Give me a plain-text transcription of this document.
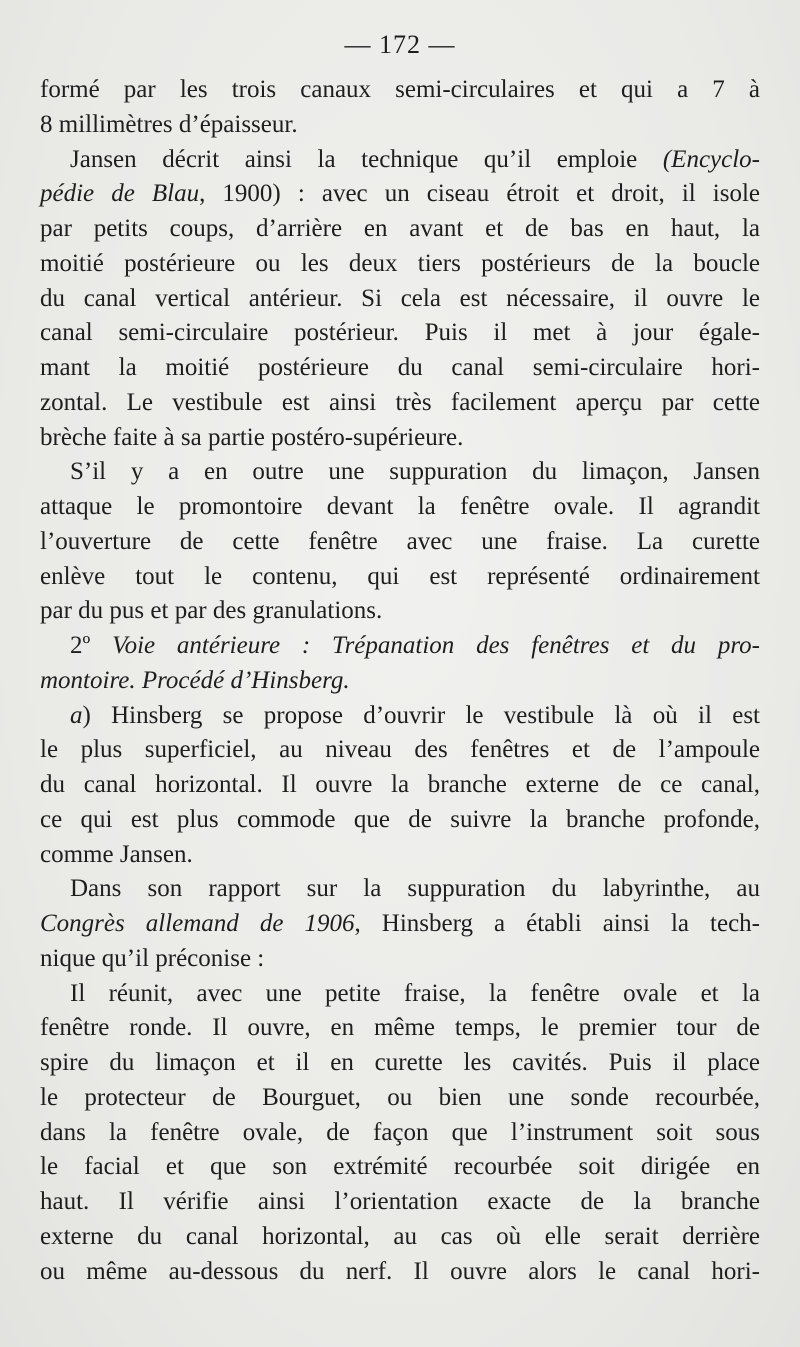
— 172 —
formé par les trois canaux semi-circulaires et qui a 7 à
8 millimètres d’épaisseur.
Jansen décrit ainsi la technique qu’il emploie (Encyclo-
pédie de Blau, 1900) : avec un ciseau étroit et droit, il isole
par petits coups, d’arrière en avant et de bas en haut, la
moitié postérieure ou les deux tiers postérieurs de la boucle
du canal vertical antérieur. Si cela est nécessaire, il ouvre le
canal semi-circulaire postérieur. Puis il met à jour égale-
mant la moitié postérieure du canal semi-circulaire hori-
zontal. Le vestibule est ainsi très facilement aperçu par cette
brèche faite à sa partie postéro-supérieure.
S’il y a en outre une suppuration du limaçon, Jansen
attaque le promontoire devant la fenêtre ovale. Il agrandit
l’ouverture de cette fenêtre avec une fraise. La curette
enlève tout le contenu, qui est représenté ordinairement
par du pus et par des granulations.
2º Voie antérieure : Trépanation des fenêtres et du pro-
montoire. Procédé d’Hinsberg.
a) Hinsberg se propose d’ouvrir le vestibule là où il est
le plus superficiel, au niveau des fenêtres et de l’ampoule
du canal horizontal. Il ouvre la branche externe de ce canal,
ce qui est plus commode que de suivre la branche profonde,
comme Jansen.
Dans son rapport sur la suppuration du labyrinthe, au
Congrès allemand de 1906, Hinsberg a établi ainsi la tech-
nique qu’il préconise :
Il réunit, avec une petite fraise, la fenêtre ovale et la
fenêtre ronde. Il ouvre, en même temps, le premier tour de
spire du limaçon et il en curette les cavités. Puis il place
le protecteur de Bourguet, ou bien une sonde recourbée,
dans la fenêtre ovale, de façon que l’instrument soit sous
le facial et que son extrémité recourbée soit dirigée en
haut. Il vérifie ainsi l’orientation exacte de la branche
externe du canal horizontal, au cas où elle serait derrière
ou même au-dessous du nerf. Il ouvre alors le canal hori-
